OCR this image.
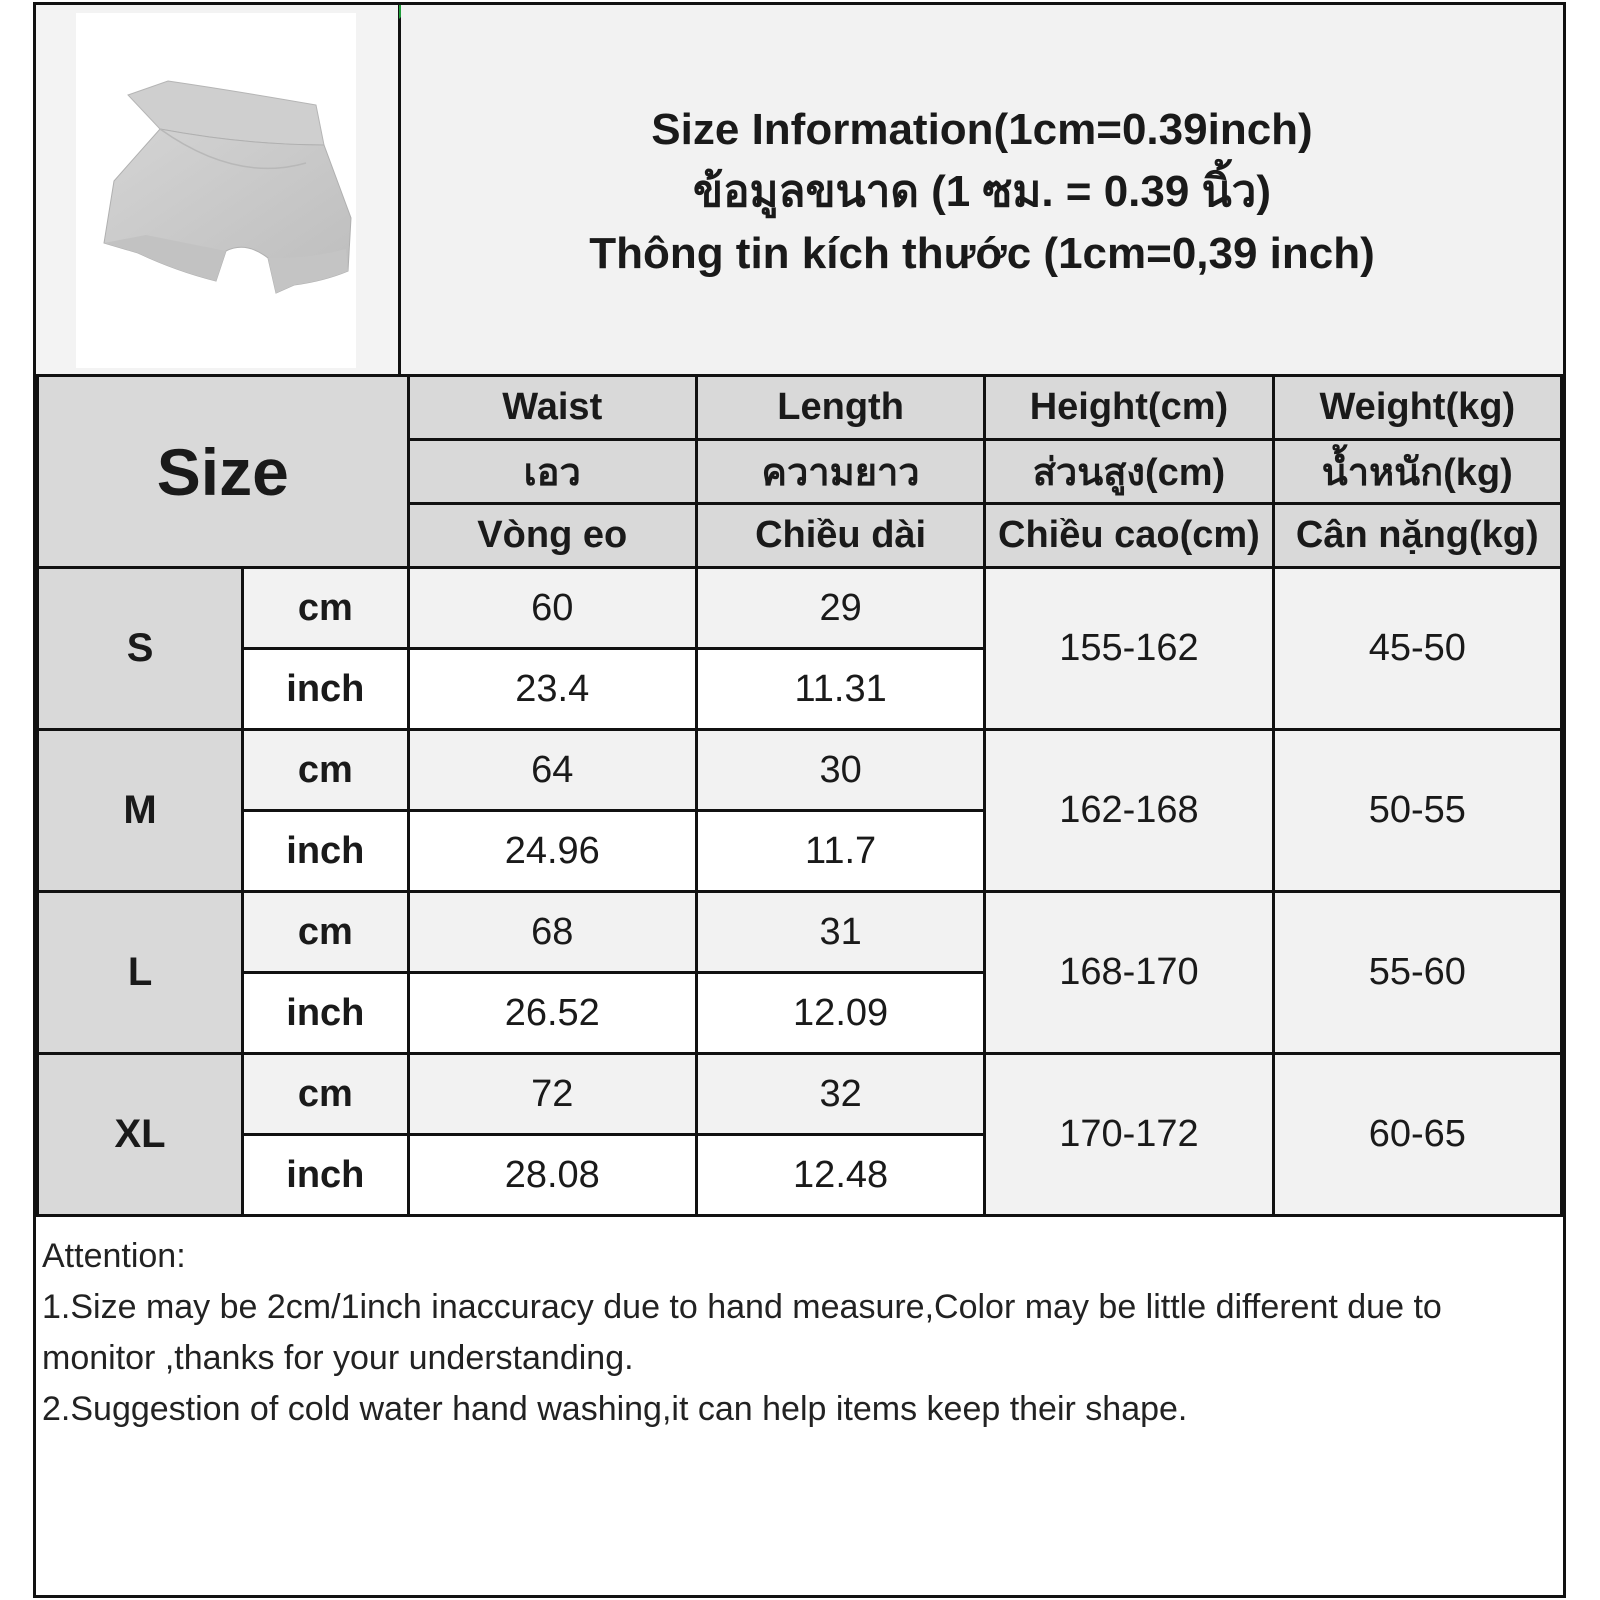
Size Information(1cm=0.39inch)
ข้อมูลขนาด (1 ซม. = 0.39 นิ้ว)
Thông tin kích thước (1cm=0,39 inch)
Size		Waist	Length	Height(cm)	Weight(kg)
		เอว	ความยาว	ส่วนสูง(cm)	น้ำหนัก(kg)
		Vòng eo	Chiều dài	Chiều cao(cm)	Cân nặng(kg)
S	cm	60	29	155-162	45-50
	inch	23.4	11.31		
M	cm	64	30	162-168	50-55
	inch	24.96	11.7		
L	cm	68	31	168-170	55-60
	inch	26.52	12.09		
XL	cm	72	32	170-172	60-65
	inch	28.08	12.48		

Attention:

1.Size may be 2cm/1inch inaccuracy due to hand measure,Color may be little different due to monitor ,thanks for your understanding.

2.Suggestion of cold water hand washing,it can help items keep their shape.
